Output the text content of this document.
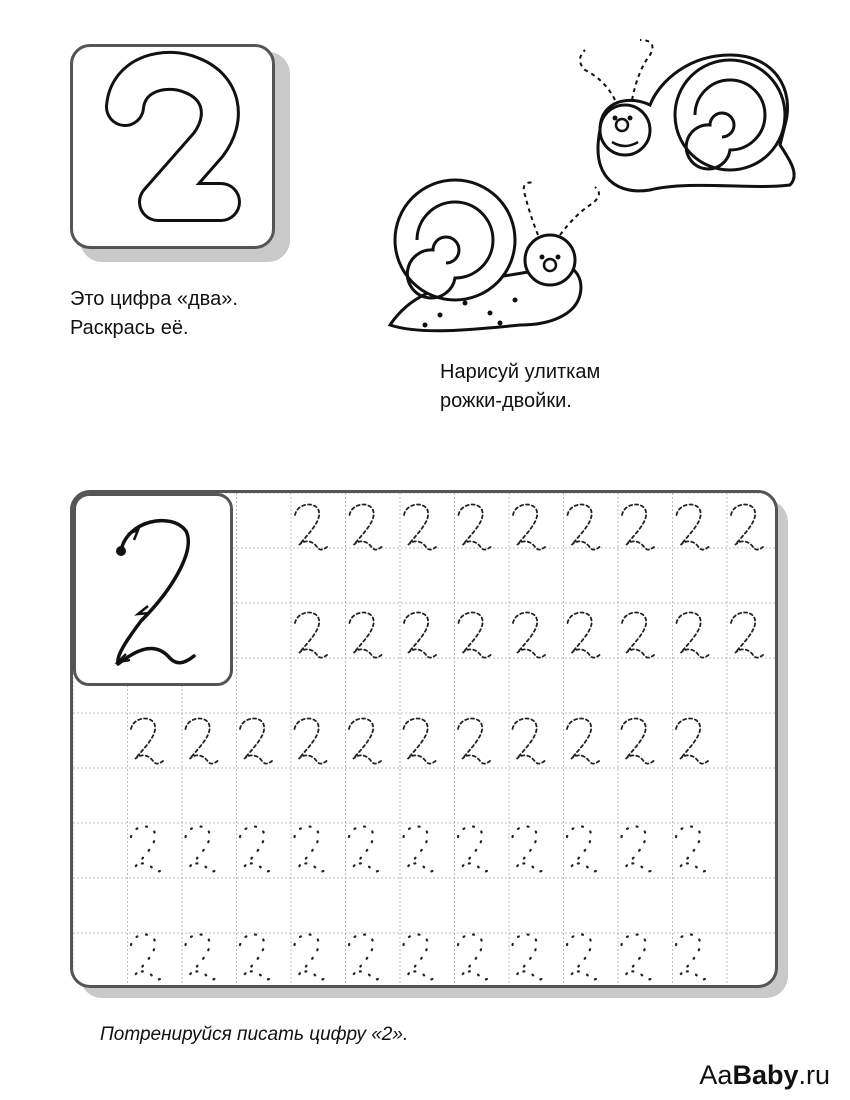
Это цифра «два».
Раскрась её.
Нарисуй улиткам
рожки-двойки.
Потренируйся писать цифру «2».
AaBaby.ru
